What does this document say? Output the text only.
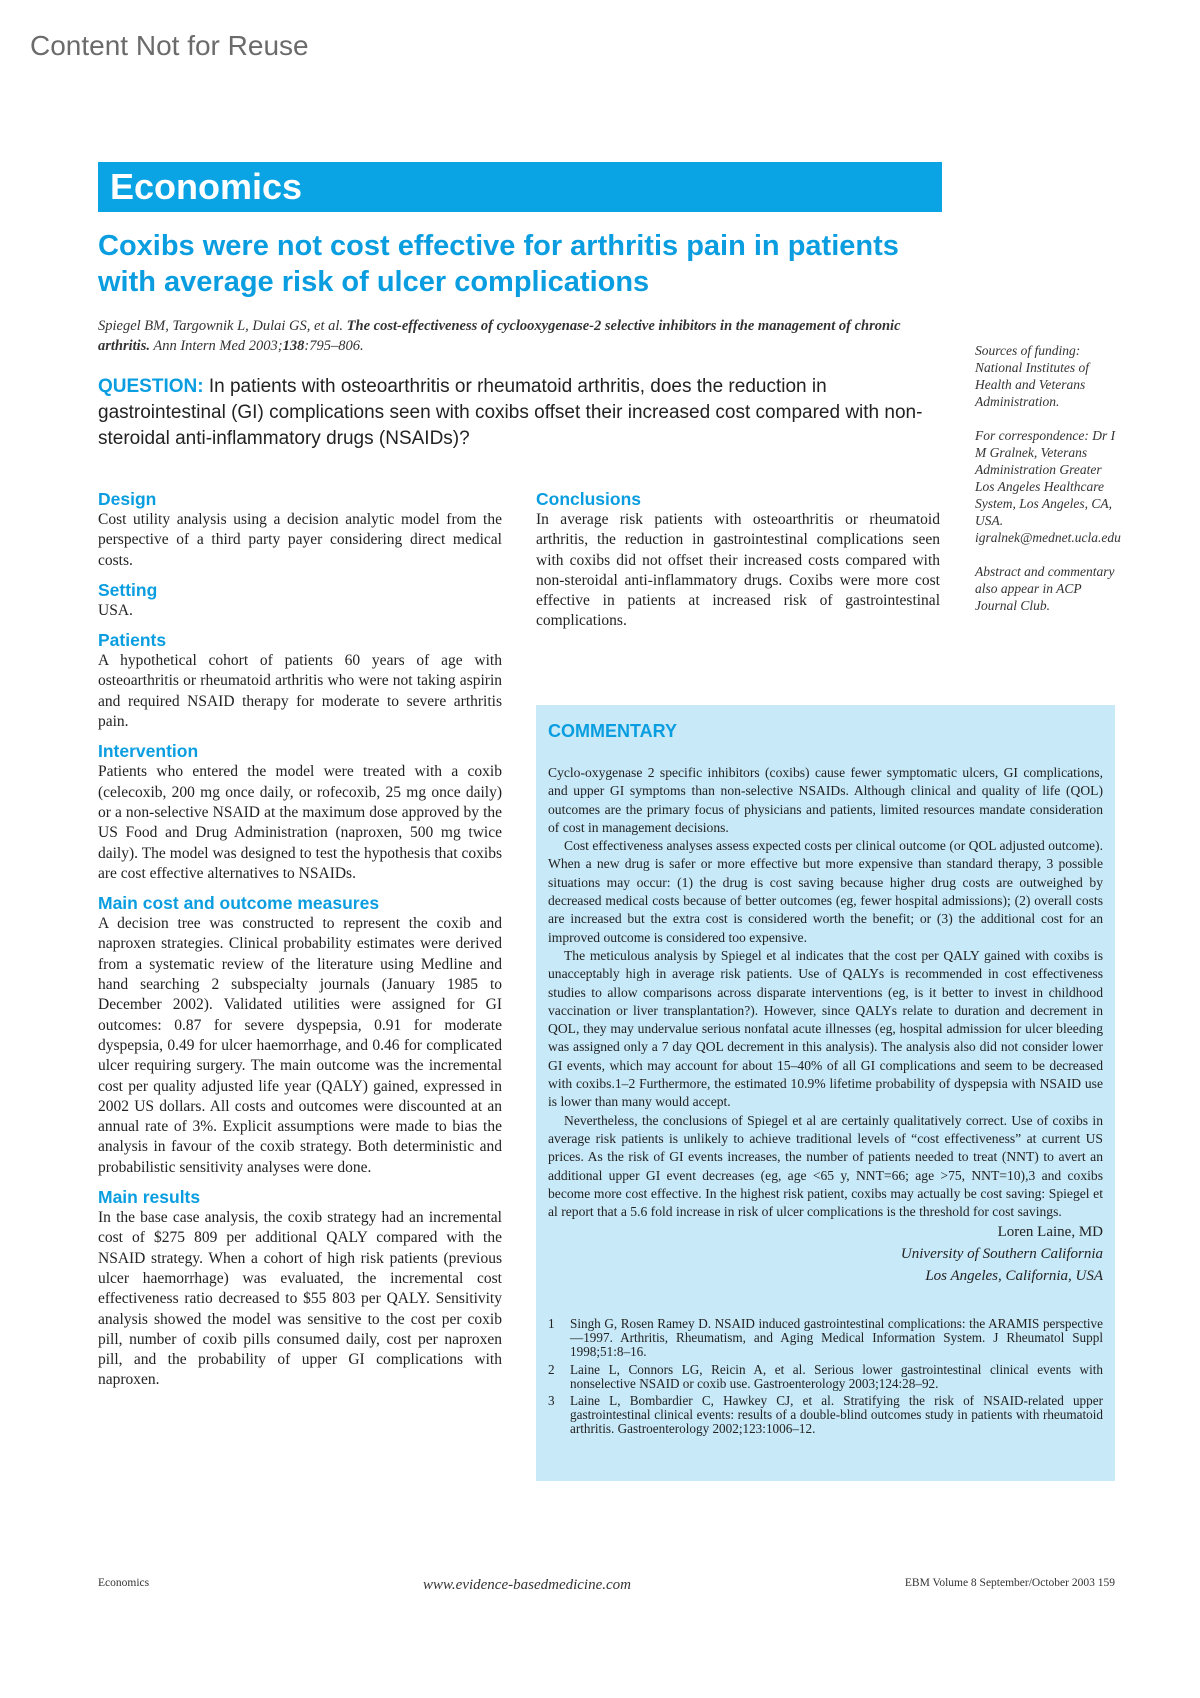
Content Not for Reuse
Economics
Coxibs were not cost effective for arthritis pain in patients with average risk of ulcer complications
Spiegel BM, Targownik L, Dulai GS, et al. The cost-effectiveness of cyclooxygenase-2 selective inhibitors in the management of chronic arthritis. Ann Intern Med 2003;138:795–806.
QUESTION: In patients with osteoarthritis or rheumatoid arthritis, does the reduction in gastrointestinal (GI) complications seen with coxibs offset their increased cost compared with non-steroidal anti-inflammatory drugs (NSAIDs)?
Design

Cost utility analysis using a decision analytic model from the perspective of a third party payer considering direct medical costs.

Setting

USA.

Patients

A hypothetical cohort of patients 60 years of age with osteoarthritis or rheumatoid arthritis who were not taking aspirin and required NSAID therapy for moderate to severe arthritis pain.

Intervention

Patients who entered the model were treated with a coxib (celecoxib, 200 mg once daily, or rofecoxib, 25 mg once daily) or a non-selective NSAID at the maximum dose approved by the US Food and Drug Administration (naproxen, 500 mg twice daily). The model was designed to test the hypothesis that coxibs are cost effective alternatives to NSAIDs.

Main cost and outcome measures

A decision tree was constructed to represent the coxib and naproxen strategies. Clinical probability estimates were derived from a systematic review of the literature using Medline and hand searching 2 subspecialty journals (January 1985 to December 2002). Validated utilities were assigned for GI outcomes: 0.87 for severe dyspepsia, 0.91 for moderate dyspepsia, 0.49 for ulcer haemorrhage, and 0.46 for complicated ulcer requiring surgery. The main outcome was the incremental cost per quality adjusted life year (QALY) gained, expressed in 2002 US dollars. All costs and outcomes were discounted at an annual rate of 3%. Explicit assumptions were made to bias the analysis in favour of the coxib strategy. Both deterministic and probabilistic sensitivity analyses were done.

Main results

In the base case analysis, the coxib strategy had an incremental cost of $275 809 per additional QALY compared with the NSAID strategy. When a cohort of high risk patients (previous ulcer haemorrhage) was evaluated, the incremental cost effectiveness ratio decreased to $55 803 per QALY. Sensitivity analysis showed the model was sensitive to the cost per coxib pill, number of coxib pills consumed daily, cost per naproxen pill, and the probability of upper GI complications with naproxen.

Conclusions

In average risk patients with osteoarthritis or rheumatoid arthritis, the reduction in gastrointestinal complications seen with coxibs did not offset their increased costs compared with non-steroidal anti-inflammatory drugs. Coxibs were more cost effective in patients at increased risk of gastrointestinal complications.

Sources of funding: National Institutes of Health and Veterans Administration.

For correspondence: Dr I M Gralnek, Veterans Administration Greater Los Angeles Healthcare System, Los Angeles, CA, USA. igralnek@mednet.ucla.edu

Abstract and commentary also appear in ACP Journal Club.

COMMENTARY

Cyclo-oxygenase 2 specific inhibitors (coxibs) cause fewer symptomatic ulcers, GI complications, and upper GI symptoms than non-selective NSAIDs. Although clinical and quality of life (QOL) outcomes are the primary focus of physicians and patients, limited resources mandate consideration of cost in management decisions.

Cost effectiveness analyses assess expected costs per clinical outcome (or QOL adjusted outcome). When a new drug is safer or more effective but more expensive than standard therapy, 3 possible situations may occur: (1) the drug is cost saving because higher drug costs are outweighed by decreased medical costs because of better outcomes (eg, fewer hospital admissions); (2) overall costs are increased but the extra cost is considered worth the benefit; or (3) the additional cost for an improved outcome is considered too expensive.

The meticulous analysis by Spiegel et al indicates that the cost per QALY gained with coxibs is unacceptably high in average risk patients. Use of QALYs is recommended in cost effectiveness studies to allow comparisons across disparate interventions (eg, is it better to invest in childhood vaccination or liver transplantation?). However, since QALYs relate to duration and decrement in QOL, they may undervalue serious nonfatal acute illnesses (eg, hospital admission for ulcer bleeding was assigned only a 7 day QOL decrement in this analysis). The analysis also did not consider lower GI events, which may account for about 15–40% of all GI complications and seem to be decreased with coxibs.1–2 Furthermore, the estimated 10.9% lifetime probability of dyspepsia with NSAID use is lower than many would accept.

Nevertheless, the conclusions of Spiegel et al are certainly qualitatively correct. Use of coxibs in average risk patients is unlikely to achieve traditional levels of “cost effectiveness” at current US prices. As the risk of GI events increases, the number of patients needed to treat (NNT) to avert an additional upper GI event decreases (eg, age <65 y, NNT=66; age >75, NNT=10),3 and coxibs become more cost effective. In the highest risk patient, coxibs may actually be cost saving: Spiegel et al report that a 5.6 fold increase in risk of ulcer complications is the threshold for cost savings.

Loren Laine, MD
University of Southern California
Los Angeles, California, USA
1	Singh G, Rosen Ramey D. NSAID induced gastrointestinal complications: the ARAMIS perspective—1997. Arthritis, Rheumatism, and Aging Medical Information System. J Rheumatol Suppl 1998;51:8–16.
2	Laine L, Connors LG, Reicin A, et al. Serious lower gastrointestinal clinical events with nonselective NSAID or coxib use. Gastroenterology 2003;124:28–92.
3	Laine L, Bombardier C, Hawkey CJ, et al. Stratifying the risk of NSAID-related upper gastrointestinal clinical events: results of a double-blind outcomes study in patients with rheumatoid arthritis. Gastroenterology 2002;123:1006–12.
Economics	www.evidence-basedmedicine.com	EBM Volume 8 September/October 2003 159
